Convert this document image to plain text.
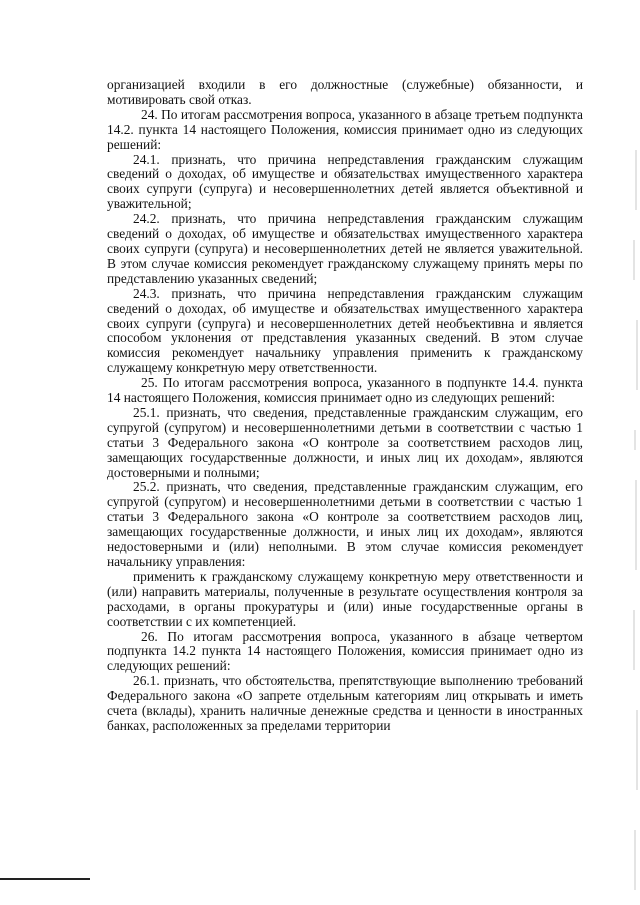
организацией входили в его должностные (служебные) обязанности, и мотивировать свой отказ.

24. По итогам рассмотрения вопроса, указанного в абзаце третьем подпункта 14.2. пункта 14 настоящего Положения, комиссия принимает одно из следующих решений:

24.1. признать, что причина непредставления гражданским служащим сведений о доходах, об имуществе и обязательствах имущественного характера своих супруги (супруга) и несовершеннолетних детей является объективной и уважительной;

24.2. признать, что причина непредставления гражданским служащим сведений о доходах, об имуществе и обязательствах имущественного характера своих супруги (супруга) и несовершеннолетних детей не является уважительной. В этом случае комиссия рекомендует гражданскому служащему принять меры по представлению указанных сведений;

24.3. признать, что причина непредставления гражданским служащим сведений о доходах, об имуществе и обязательствах имущественного характера своих супруги (супруга) и несовершеннолетних детей необъективна и является способом уклонения от представления указанных сведений. В этом случае комиссия рекомендует начальнику управления применить к гражданскому служащему конкретную меру ответственности.

25. По итогам рассмотрения вопроса, указанного в подпункте 14.4. пункта 14 настоящего Положения, комиссия принимает одно из следующих решений:

25.1. признать, что сведения, представленные гражданским служащим, его супругой (супругом) и несовершеннолетними детьми в соответствии с частью 1 статьи 3 Федерального закона «О контроле за соответствием расходов лиц, замещающих государственные должности, и иных лиц их доходам», являются достоверными и полными;

25.2. признать, что сведения, представленные гражданским служащим, его супругой (супругом) и несовершеннолетними детьми в соответствии с частью 1 статьи 3 Федерального закона «О контроле за соответствием расходов лиц, замещающих государственные должности, и иных лиц их доходам», являются недостоверными и (или) неполными. В этом случае комиссия рекомендует начальнику управления:

применить к гражданскому служащему конкретную меру ответственности и (или) направить материалы, полученные в результате осуществления контроля за расходами, в органы прокуратуры и (или) иные государственные органы в соответствии с их компетенцией.

26. По итогам рассмотрения вопроса, указанного в абзаце четвертом подпункта 14.2 пункта 14 настоящего Положения, комиссия принимает одно из следующих решений:

26.1. признать, что обстоятельства, препятствующие выполнению требований Федерального закона «О запрете отдельным категориям лиц открывать и иметь счета (вклады), хранить наличные денежные средства и ценности в иностранных банках, расположенных за пределами территории
